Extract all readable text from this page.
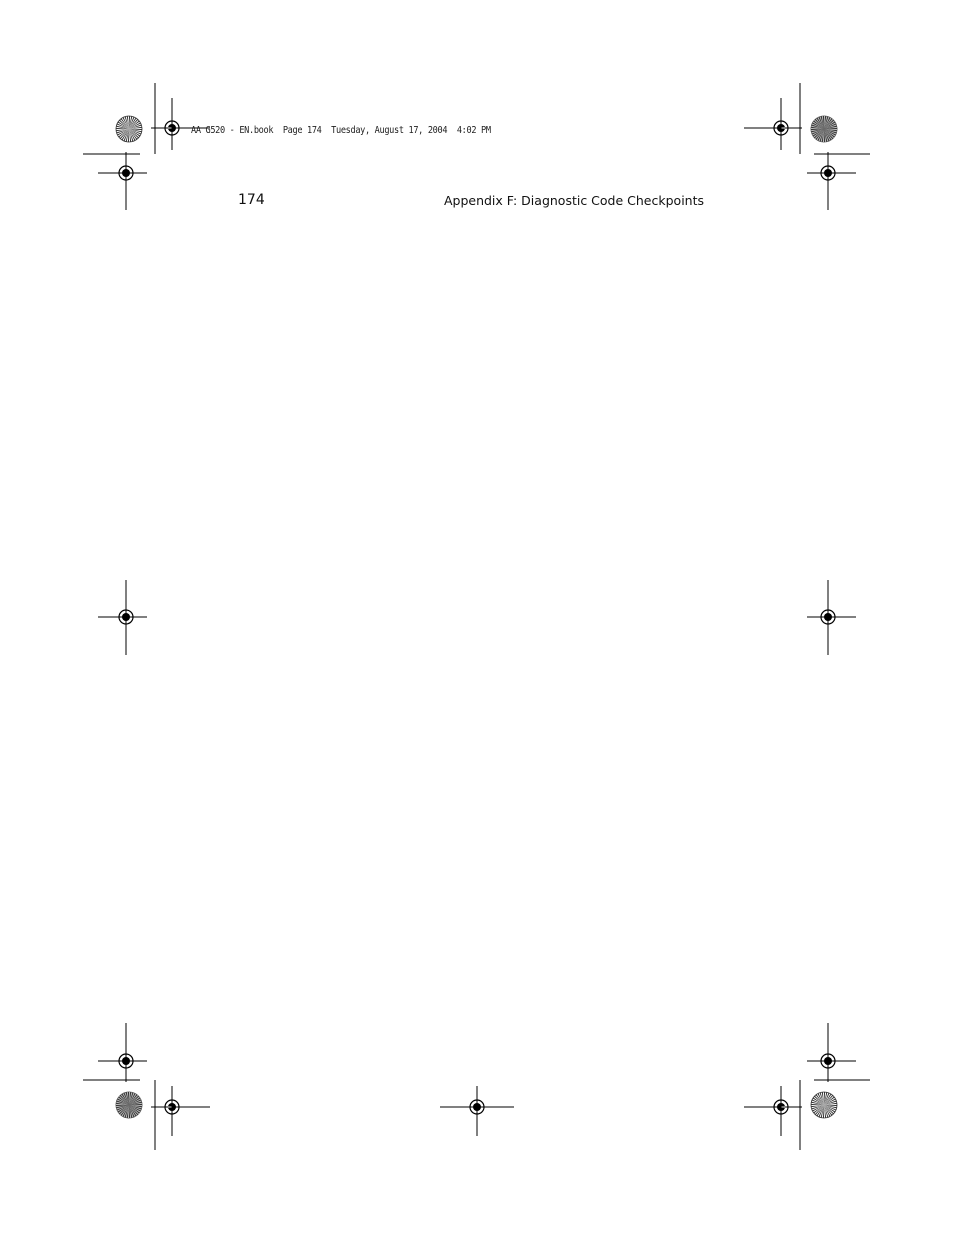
AA G520 - EN.book  Page 174  Tuesday, August 17, 2004  4:02 PM
174	Appendix F: Diagnostic Code Checkpoints
